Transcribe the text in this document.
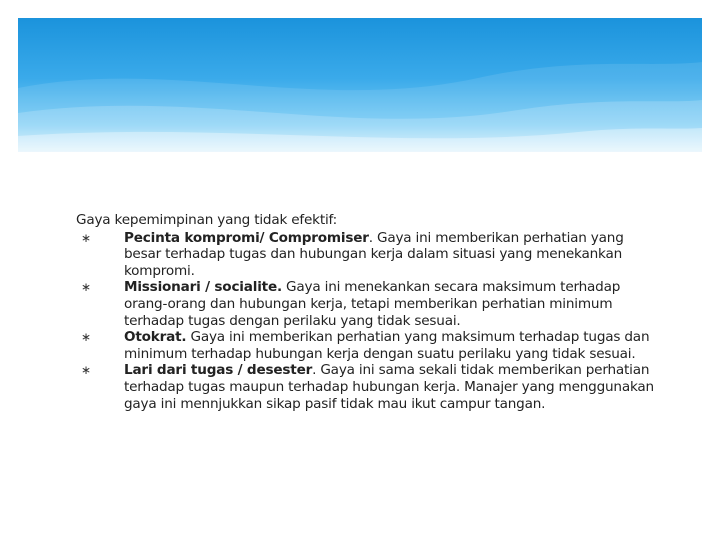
Gaya kepemimpinan yang tidak efektif:

∗ Pecinta kompromi/ Compromiser. Gaya ini memberikan perhatian yang besar terhadap tugas dan hubungan kerja dalam situasi yang menekankan kompromi.
∗ Missionari / socialite. Gaya ini menekankan secara maksimum terhadap orang-orang dan hubungan kerja, tetapi memberikan perhatian minimum terhadap tugas dengan perilaku yang tidak sesuai.
∗ Otokrat. Gaya ini memberikan perhatian yang maksimum terhadap tugas dan minimum terhadap hubungan kerja dengan suatu perilaku yang tidak sesuai.
∗ Lari dari tugas / desester. Gaya ini sama sekali tidak memberikan perhatian terhadap tugas maupun terhadap hubungan kerja. Manajer yang menggunakan gaya ini mennjukkan sikap pasif tidak mau ikut campur tangan.
